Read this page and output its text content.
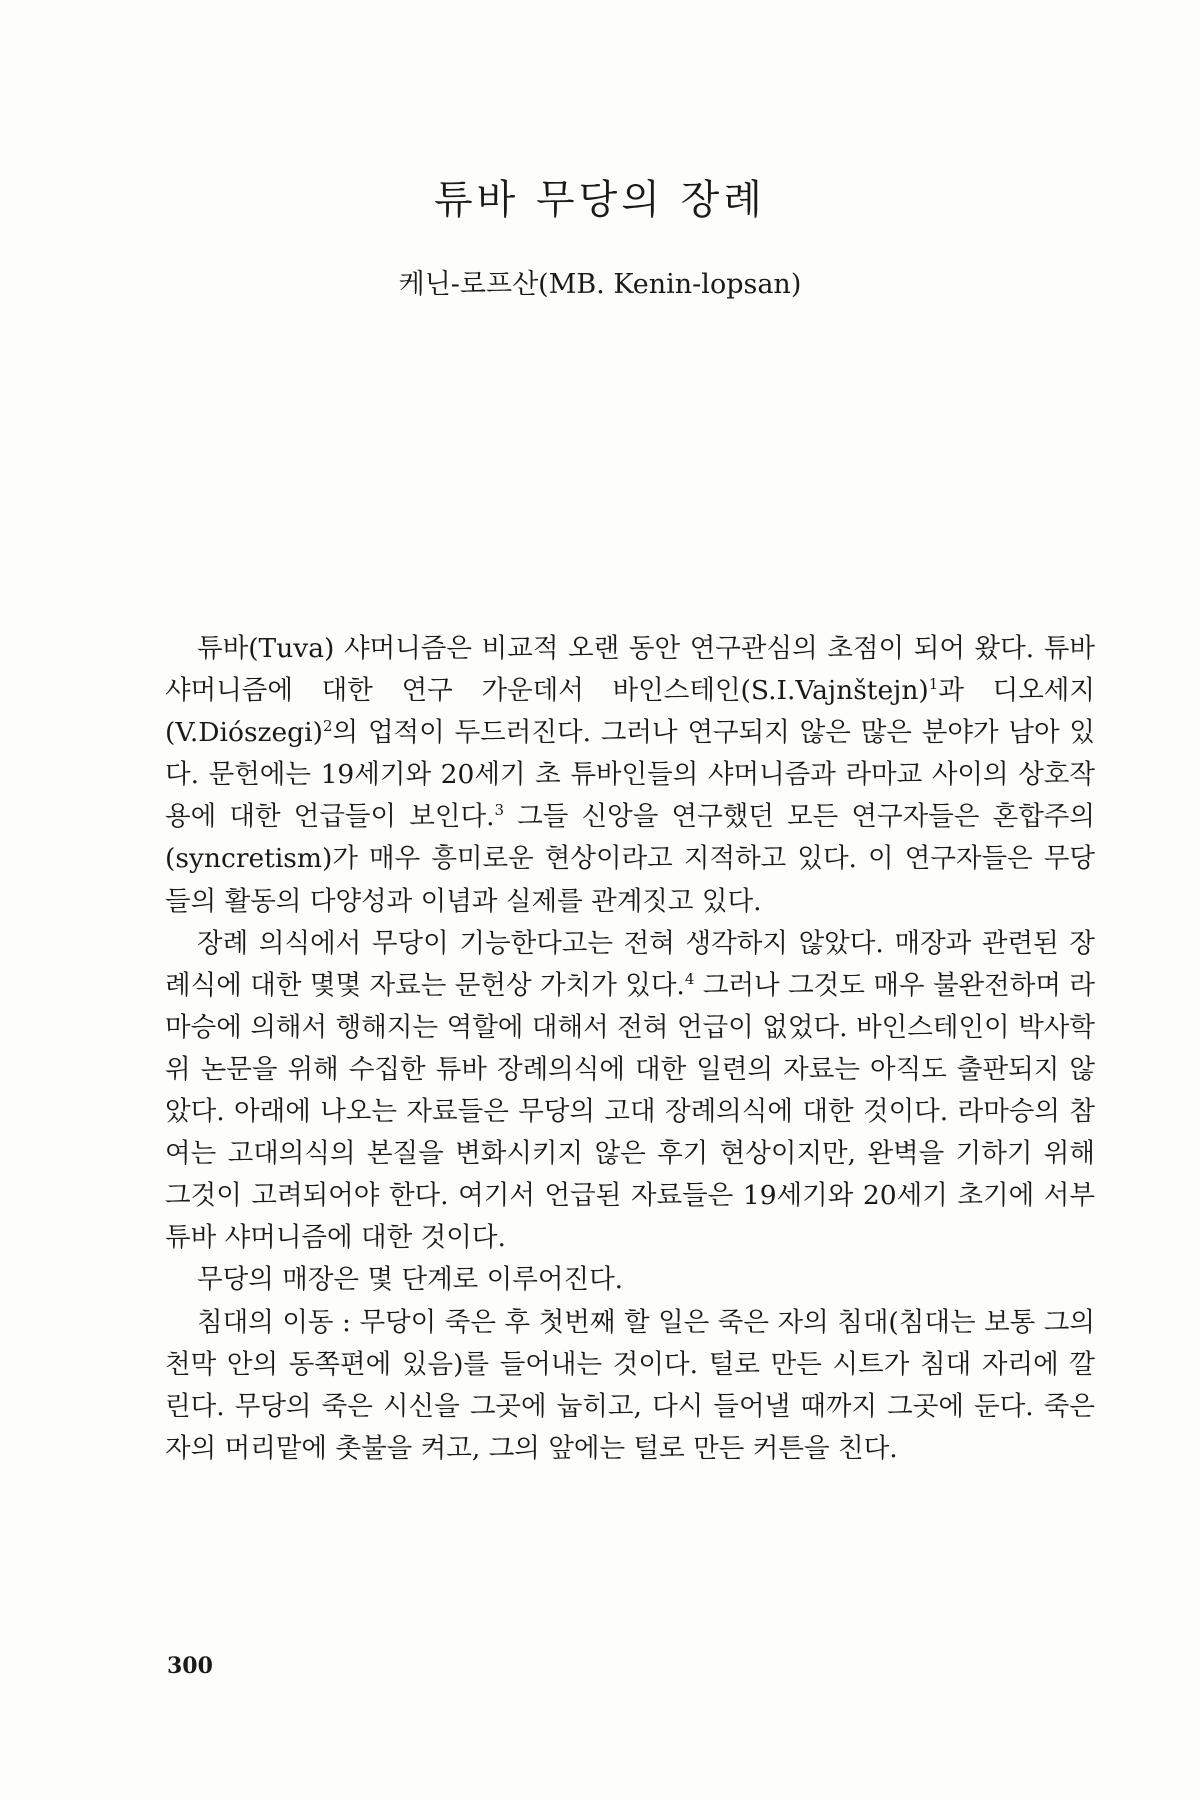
튜바 무당의 장례

케닌-로프산(MB. Kenin-lopsan)

튜바(Tuva) 샤머니즘은 비교적 오랜 동안 연구관심의 초점이 되어 왔다. 튜바 샤머니즘에 대한 연구 가운데서 바인스테인(S.I.Vajnštejn)$^1$과 디오세지(V.Diószegi)$^2$의 업적이 두드러진다. 그러나 연구되지 않은 많은 분야가 남아 있다. 문헌에는 19세기와 20세기 초 튜바인들의 샤머니즘과 라마교 사이의 상호작용에 대한 언급들이 보인다.$^3$ 그들 신앙을 연구했던 모든 연구자들은 혼합주의(syncretism)가 매우 흥미로운 현상이라고 지적하고 있다. 이 연구자들은 무당들의 활동의 다양성과 이념과 실제를 관계짓고 있다.

장례 의식에서 무당이 기능한다고는 전혀 생각하지 않았다. 매장과 관련된 장례식에 대한 몇몇 자료는 문헌상 가치가 있다.$^4$ 그러나 그것도 매우 불완전하며 라마승에 의해서 행해지는 역할에 대해서 전혀 언급이 없었다. 바인스테인이 박사학위 논문을 위해 수집한 튜바 장례의식에 대한 일련의 자료는 아직도 출판되지 않았다. 아래에 나오는 자료들은 무당의 고대 장례의식에 대한 것이다. 라마승의 참여는 고대의식의 본질을 변화시키지 않은 후기 현상이지만, 완벽을 기하기 위해 그것이 고려되어야 한다. 여기서 언급된 자료들은 19세기와 20세기 초기에 서부 튜바 샤머니즘에 대한 것이다.

무당의 매장은 몇 단계로 이루어진다.

침대의 이동 : 무당이 죽은 후 첫번째 할 일은 죽은 자의 침대(침대는 보통 그의 천막 안의 동쪽편에 있음)를 들어내는 것이다. 털로 만든 시트가 침대 자리에 깔린다. 무당의 죽은 시신을 그곳에 눕히고, 다시 들어낼 때까지 그곳에 둔다. 죽은 자의 머리맡에 촛불을 켜고, 그의 앞에는 털로 만든 커튼을 친다.

300
